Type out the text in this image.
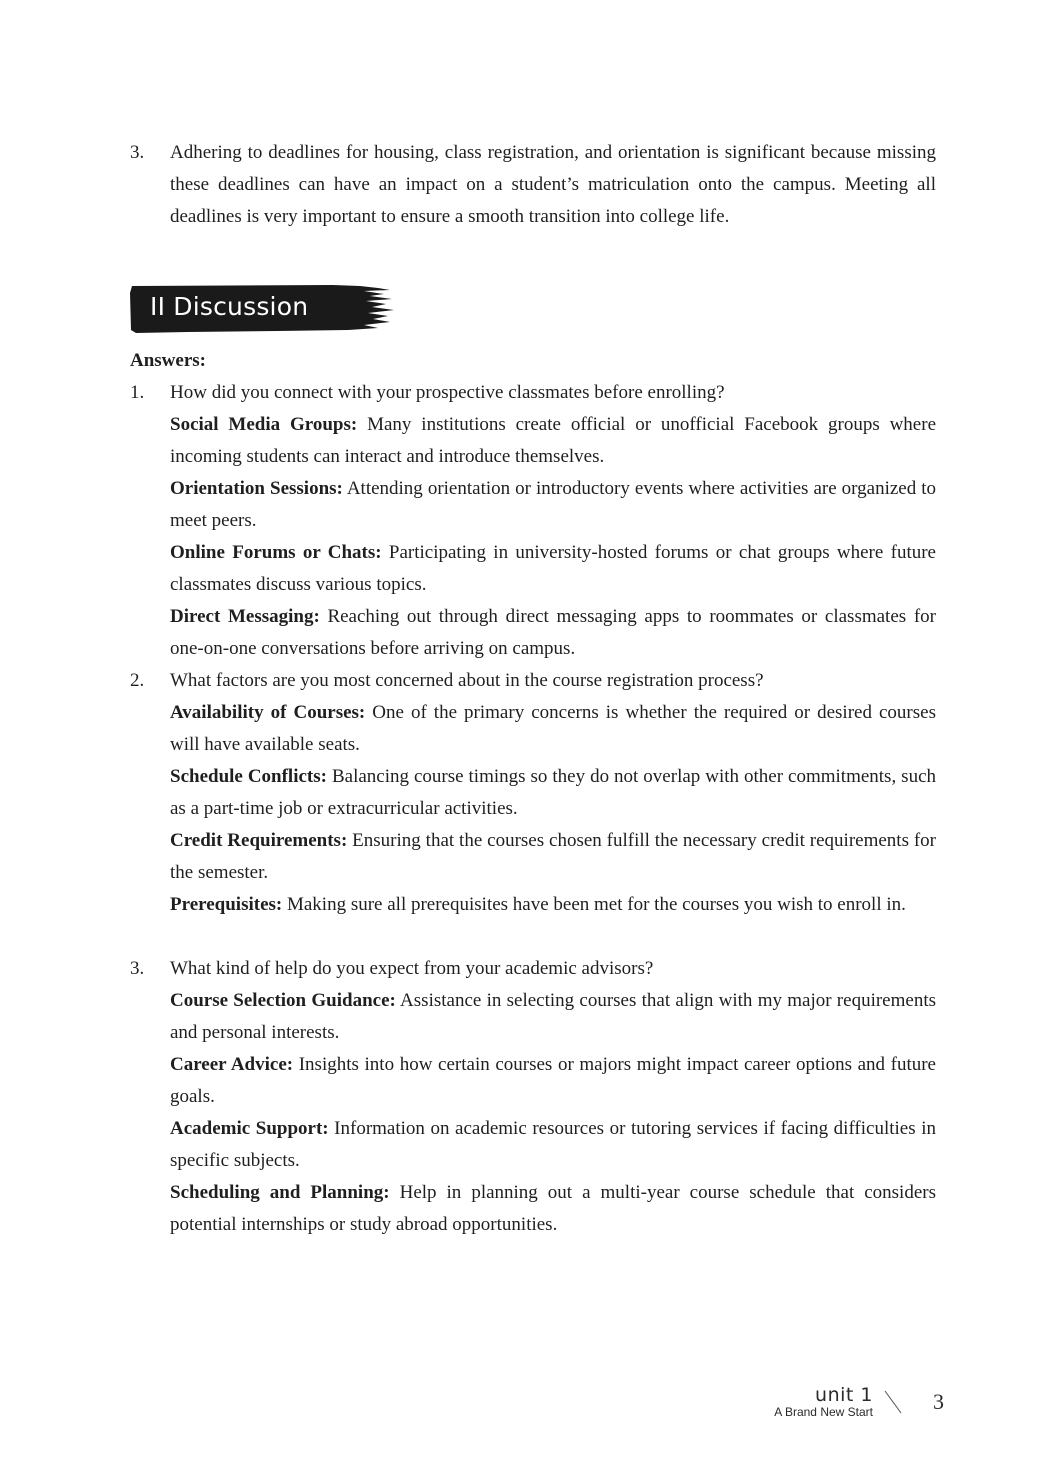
3.	Adhering to deadlines for housing, class registration, and orientation is significant because missing these deadlines can have an impact on a student’s matriculation onto the campus. Meeting all deadlines is very important to ensure a smooth transition into college life.
II Discussion
Answers:
1.	How did you connect with your prospective classmates before enrolling?
Social Media Groups: Many institutions create official or unofficial Facebook groups where incoming students can interact and introduce themselves.
Orientation Sessions: Attending orientation or introductory events where activities are organized to meet peers.
Online Forums or Chats: Participating in university-hosted forums or chat groups where future classmates discuss various topics.
Direct Messaging: Reaching out through direct messaging apps to roommates or classmates for one-on-one conversations before arriving on campus.
2.	What factors are you most concerned about in the course registration process?
Availability of Courses: One of the primary concerns is whether the required or desired courses will have available seats.
Schedule Conflicts: Balancing course timings so they do not overlap with other commitments, such as a part-time job or extracurricular activities.
Credit Requirements: Ensuring that the courses chosen fulfill the necessary credit requirements for the semester.
Prerequisites: Making sure all prerequisites have been met for the courses you wish to enroll in.
3.	What kind of help do you expect from your academic advisors?
Course Selection Guidance: Assistance in selecting courses that align with my major requirements and personal interests.
Career Advice: Insights into how certain courses or majors might impact career options and future goals.
Academic Support: Information on academic resources or tutoring services if facing difficulties in specific subjects.
Scheduling and Planning: Help in planning out a multi-year course schedule that considers potential internships or study abroad opportunities.
unit 1
A Brand New Start	3
